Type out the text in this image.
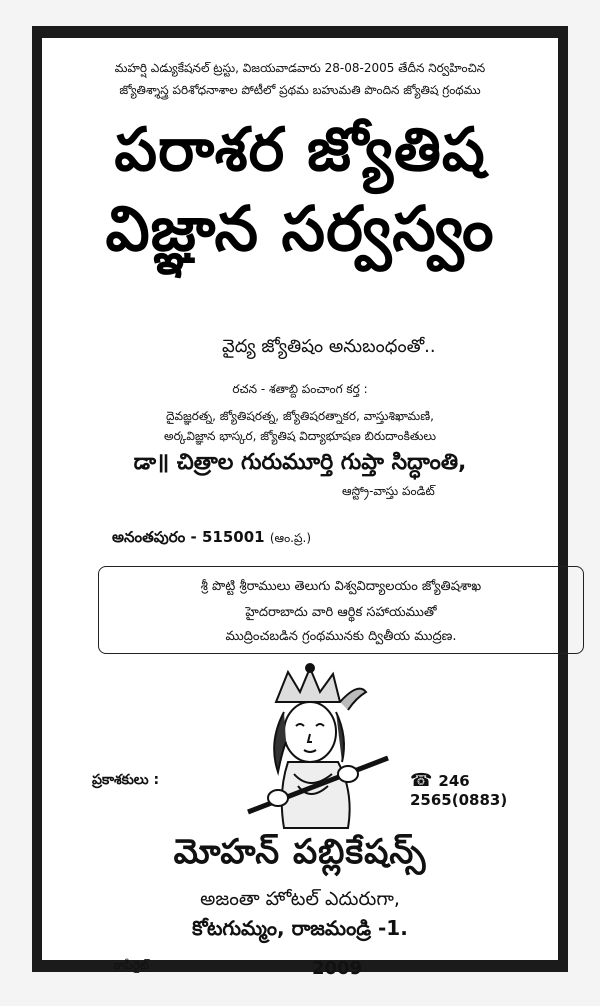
మహర్షి ఎడ్యుకేషనల్ ట్రస్టు, విజయవాడవారు 28-08-2005 తేదీన నిర్వహించిన
జ్యోతిశ్శాస్త్ర పరిశోధనాశాల పోటీలో ప్రథమ బహుమతి పొందిన జ్యోతిష గ్రంథము
పరాశర జ్యోతిష
విజ్ఞాన సర్వస్వం
వైద్య జ్యోతిషం అనుబంధంతో..
రచన - శతాబ్ది పంచాంగ కర్త :
దైవజ్ఞరత్న, జ్యోతిషరత్న, జ్యోతిషరత్నాకర, వాస్తుశిఖామణి,
అర్కవిజ్ఞాన భాస్కర, జ్యోతిష విద్యాభూషణ బిరుదాంకితులు
డా॥ చిత్రాల గురుమూర్తి గుప్తా సిద్ధాంతి,
ఆస్ట్రో-వాస్తు పండిట్
అనంతపురం - 515001 (ఆం.ప్ర.)
శ్రీ పొట్టి శ్రీరాములు తెలుగు విశ్వవిద్యాలయం జ్యోతిషశాఖ
హైదరాబాదు వారి ఆర్థిక సహాయముతో
ముద్రించబడిన గ్రంథమునకు ద్వితీయ ముద్రణ.
ప్రకాశకులు :	☎ 246 2565(0883)
మోహన్ పబ్లికేషన్స్
అజంతా హోటల్ ఎదురుగా,
కోటగుమ్మం, రాజమండ్రి -1.
కాపీరైట్	2009
